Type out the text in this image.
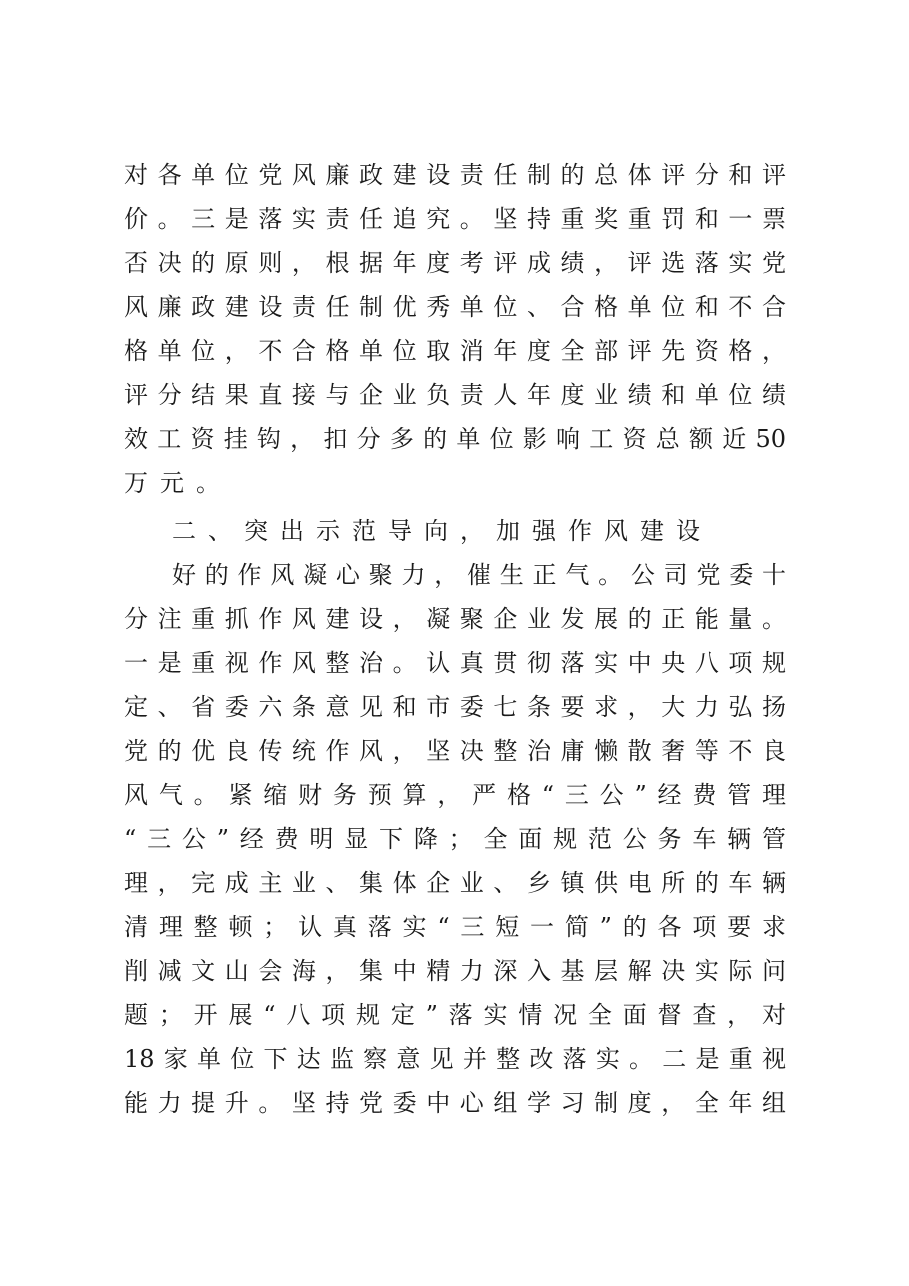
对各单位党风廉政建设责任制的总体评分和评
价。三是落实责任追究。坚持重奖重罚和一票
否决的原则，根据年度考评成绩，评选落实党
风廉政建设责任制优秀单位、合格单位和不合
格单位，不合格单位取消年度全部评先资格，
评分结果直接与企业负责人年度业绩和单位绩
效工资挂钩，扣分多的单位影响工资总额近50
万元。
二、突出示范导向，加强作风建设
好的作风凝心聚力，催生正气。公司党委十
分注重抓作风建设，凝聚企业发展的正能量。
一是重视作风整治。认真贯彻落实中央八项规
定、省委六条意见和市委七条要求，大力弘扬
党的优良传统作风，坚决整治庸懒散奢等不良
风气。紧缩财务预算，严格“三公”经费管理
“三公”经费明显下降；全面规范公务车辆管
理，完成主业、集体企业、乡镇供电所的车辆
清理整顿；认真落实“三短一简”的各项要求
削减文山会海，集中精力深入基层解决实际问
题；开展“八项规定”落实情况全面督查，对
18家单位下达监察意见并整改落实。二是重视
能力提升。坚持党委中心组学习制度，全年组
